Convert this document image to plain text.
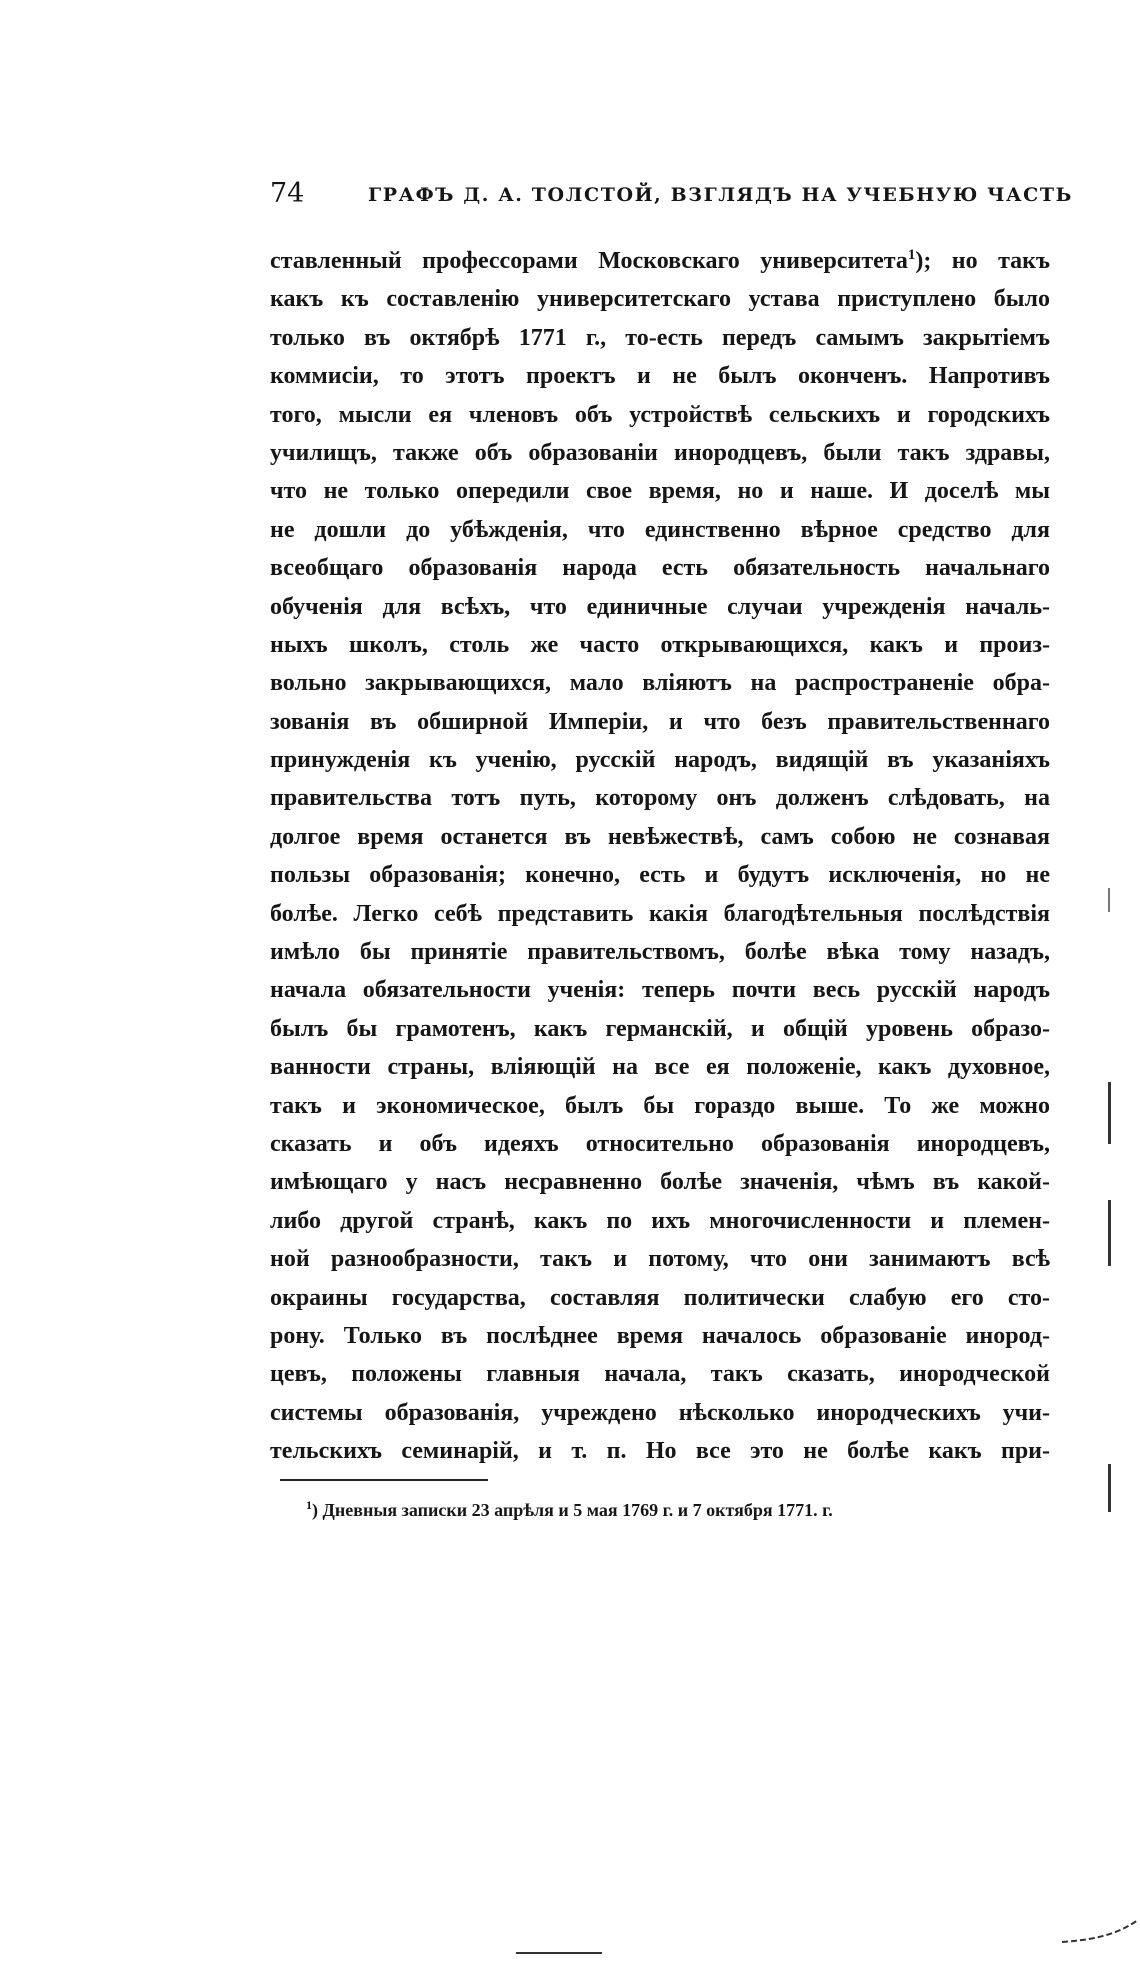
74	ГРАФЪ Д. А. ТОЛСТОЙ, ВЗГЛЯДЪ НА УЧЕБНУЮ ЧАСТЬ
ставленный профессорами Московскаго университета$^1$); но такъ
какъ къ составленію университетскаго устава приступлено было
только въ октябрѣ 1771 г., то-есть передъ самымъ закрытіемъ
коммисіи, то этотъ проектъ и не былъ оконченъ. Напротивъ
того, мысли ея членовъ объ устройствѣ сельскихъ и городскихъ
училищъ, также объ образованіи инородцевъ, были такъ здравы,
что не только опередили свое время, но и наше. И доселѣ мы
не дошли до убѣжденія, что единственно вѣрное средство для
всеобщаго образованія народа есть обязательность начальнаго
обученія для всѣхъ, что единичные случаи учрежденія началь-
ныхъ школъ, столь же часто открывающихся, какъ и произ-
вольно закрывающихся, мало вліяютъ на распространеніе обра-
зованія въ обширной Имперіи, и что безъ правительственнаго
принужденія къ ученію, русскій народъ, видящій въ указаніяхъ
правительства тотъ путь, которому онъ долженъ слѣдовать, на
долгое время останется въ невѣжествѣ, самъ собою не сознавая
пользы образованія; конечно, есть и будутъ исключенія, но не
болѣе. Легко себѣ представить какія благодѣтельныя послѣдствія
имѣло бы принятіе правительствомъ, болѣе вѣка тому назадъ,
начала обязательности ученія: теперь почти весь русскій народъ
былъ бы грамотенъ, какъ германскій, и общій уровень образо-
ванности страны, вліяющій на все ея положеніе, какъ духовное,
такъ и экономическое, былъ бы гораздо выше. То же можно
сказать и объ идеяхъ относительно образованія инородцевъ,
имѣющаго у насъ несравненно болѣе значенія, чѣмъ въ какой-
либо другой странѣ, какъ по ихъ многочисленности и племен-
ной разнообразности, такъ и потому, что они занимаютъ всѣ
окраины государства, составляя политически слабую его сто-
рону. Только въ послѣднее время началось образованіе инород-
цевъ, положены главныя начала, такъ сказать, инородческой
системы образованія, учреждено нѣсколько инородческихъ учи-
тельскихъ семинарій, и т. п. Но все это не болѣе какъ при-
$^1$) Дневныя записки 23 апрѣля и 5 мая 1769 г. и 7 октября 1771. г.
